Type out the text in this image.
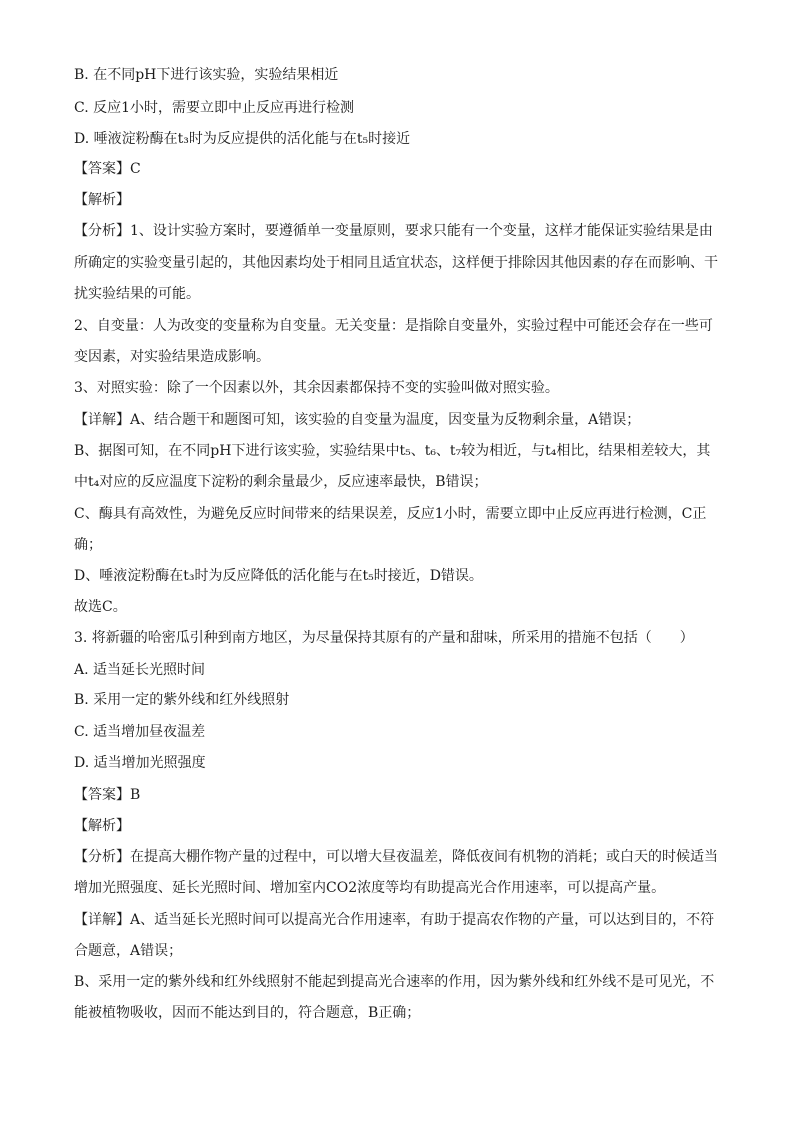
B. 在不同pH下进行该实验，实验结果相近
C. 反应1小时，需要立即中止反应再进行检测
D. 唾液淀粉酶在t₃时为反应提供的活化能与在t₅时接近
【答案】C
【解析】
【分析】1、设计实验方案时，要遵循单一变量原则，要求只能有一个变量，这样才能保证实验结果是由
所确定的实验变量引起的，其他因素均处于相同且适宜状态，这样便于排除因其他因素的存在而影响、干
扰实验结果的可能。
2、自变量：人为改变的变量称为自变量。无关变量：是指除自变量外，实验过程中可能还会存在一些可
变因素，对实验结果造成影响。
3、对照实验：除了一个因素以外，其余因素都保持不变的实验叫做对照实验。
【详解】A、结合题干和题图可知，该实验的自变量为温度，因变量为反物剩余量，A错误；
B、据图可知，在不同pH下进行该实验，实验结果中t₅、t₆、t₇较为相近，与t₄相比，结果相差较大，其
中t₄对应的反应温度下淀粉的剩余量最少，反应速率最快，B错误；
C、酶具有高效性，为避免反应时间带来的结果误差，反应1小时，需要立即中止反应再进行检测，C正
确；
D、唾液淀粉酶在t₃时为反应降低的活化能与在t₅时接近，D错误。
故选C。
3. 将新疆的哈密瓜引种到南方地区，为尽量保持其原有的产量和甜味，所采用的措施不包括（　　）
A. 适当延长光照时间
B. 采用一定的紫外线和红外线照射
C. 适当增加昼夜温差
D. 适当增加光照强度
【答案】B
【解析】
【分析】在提高大棚作物产量的过程中，可以增大昼夜温差，降低夜间有机物的消耗；或白天的时候适当
增加光照强度、延长光照时间、增加室内CO2浓度等均有助提高光合作用速率，可以提高产量。
【详解】A、适当延长光照时间可以提高光合作用速率，有助于提高农作物的产量，可以达到目的，不符
合题意，A错误；
B、采用一定的紫外线和红外线照射不能起到提高光合速率的作用，因为紫外线和红外线不是可见光，不
能被植物吸收，因而不能达到目的，符合题意，B正确；
